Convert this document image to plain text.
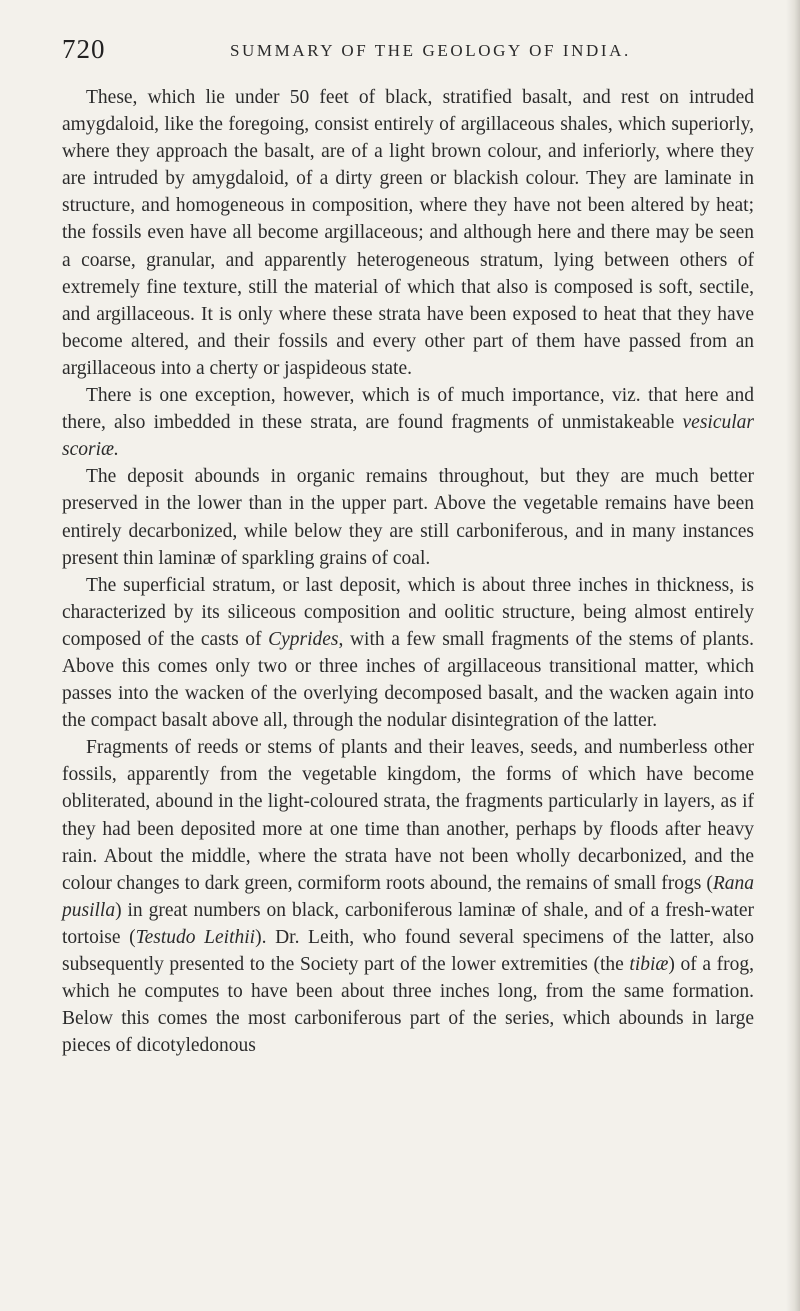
720	SUMMARY OF THE GEOLOGY OF INDIA.

These, which lie under 50 feet of black, stratified basalt, and rest on intruded amygdaloid, like the foregoing, consist entirely of argillaceous shales, which superiorly, where they approach the basalt, are of a light brown colour, and inferiorly, where they are intruded by amygdaloid, of a dirty green or blackish colour. They are laminate in structure, and homogeneous in composition, where they have not been altered by heat; the fossils even have all become argillaceous; and although here and there may be seen a coarse, granular, and apparently heterogeneous stratum, lying between others of extremely fine texture, still the material of which that also is composed is soft, sectile, and argillaceous. It is only where these strata have been exposed to heat that they have become altered, and their fossils and every other part of them have passed from an argillaceous into a cherty or jaspideous state.

There is one exception, however, which is of much importance, viz. that here and there, also imbedded in these strata, are found fragments of unmistakeable vesicular scoriæ.

The deposit abounds in organic remains throughout, but they are much better preserved in the lower than in the upper part. Above the vegetable remains have been entirely decarbonized, while below they are still carboniferous, and in many instances present thin laminæ of sparkling grains of coal.

The superficial stratum, or last deposit, which is about three inches in thickness, is characterized by its siliceous composition and oolitic structure, being almost entirely composed of the casts of Cyprides, with a few small fragments of the stems of plants. Above this comes only two or three inches of argillaceous transitional matter, which passes into the wacken of the overlying decomposed basalt, and the wacken again into the compact basalt above all, through the nodular disintegration of the latter.

Fragments of reeds or stems of plants and their leaves, seeds, and numberless other fossils, apparently from the vegetable kingdom, the forms of which have become obliterated, abound in the light-coloured strata, the fragments particularly in layers, as if they had been deposited more at one time than another, perhaps by floods after heavy rain. About the middle, where the strata have not been wholly decarbonized, and the colour changes to dark green, cormiform roots abound, the remains of small frogs (Rana pusilla) in great numbers on black, carboniferous laminæ of shale, and of a fresh-water tortoise (Testudo Leithii). Dr. Leith, who found several specimens of the latter, also subsequently presented to the Society part of the lower extremities (the tibiæ) of a frog, which he computes to have been about three inches long, from the same formation. Below this comes the most carboniferous part of the series, which abounds in large pieces of dicotyledonous
